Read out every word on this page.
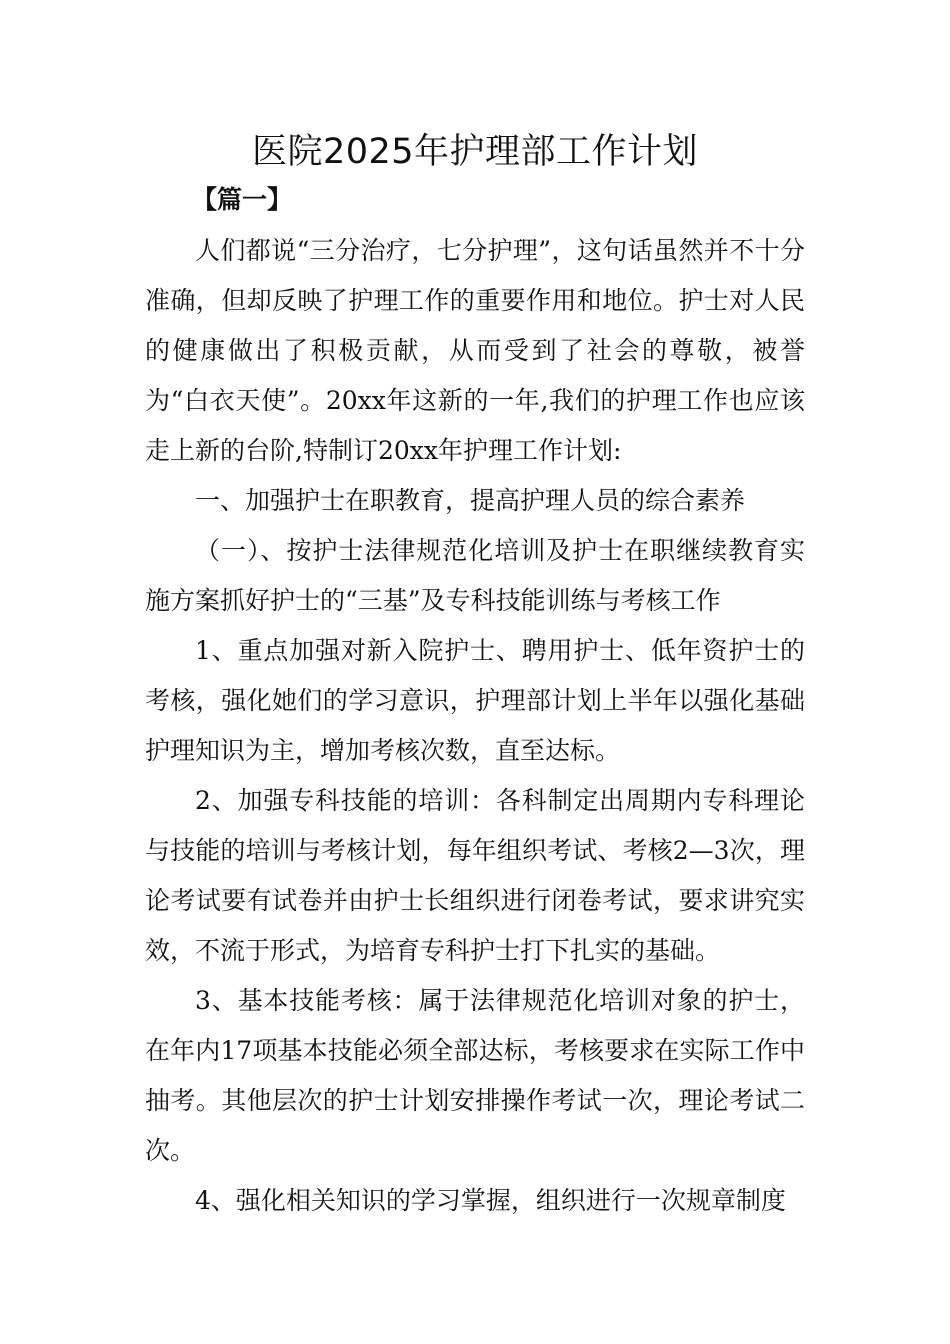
医院2025年护理部工作计划
【篇一】

人们都说“三分治疗，七分护理”，这句话虽然并不十分准确，但却反映了护理工作的重要作用和地位。护士对人民的健康做出了积极贡献，从而受到了社会的尊敬，被誉为“白衣天使”。20xx年这新的一年,我们的护理工作也应该走上新的台阶,特制订20xx年护理工作计划:

一、加强护士在职教育，提高护理人员的综合素养

（一）、按护士法律规范化培训及护士在职继续教育实施方案抓好护士的“三基”及专科技能训练与考核工作

1、重点加强对新入院护士、聘用护士、低年资护士的考核，强化她们的学习意识，护理部计划上半年以强化基础护理知识为主，增加考核次数，直至达标。

2、加强专科技能的培训：各科制定出周期内专科理论与技能的培训与考核计划，每年组织考试、考核2—3次，理论考试要有试卷并由护士长组织进行闭卷考试，要求讲究实效，不流于形式，为培育专科护士打下扎实的基础。

3、基本技能考核：属于法律规范化培训对象的护士，在年内17项基本技能必须全部达标，考核要求在实际工作中抽考。其他层次的护士计划安排操作考试一次，理论考试二次。

4、强化相关知识的学习掌握，组织进行一次规章制度
